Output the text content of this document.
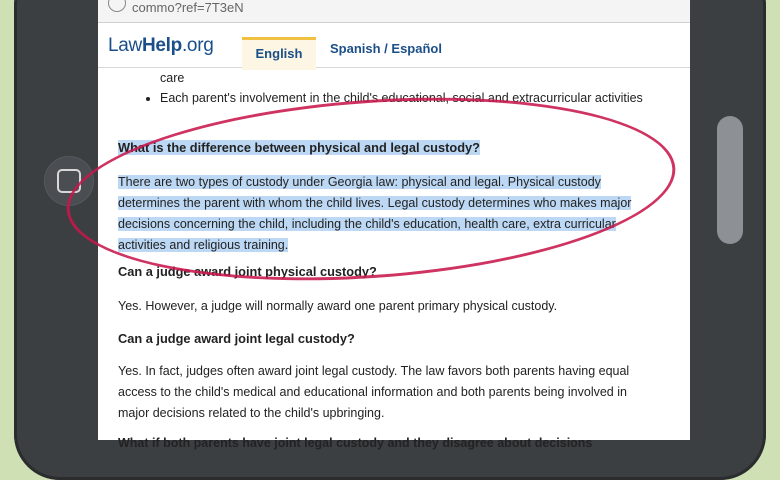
commo?ref=7T3eN
LawHelp.org	English	Spanish / Español
care
• Each parent's involvement in the child's educational, social and extracurricular activities
What is the difference between physical and legal custody?
There are two types of custody under Georgia law: physical and legal. Physical custody determines the parent with whom the child lives. Legal custody determines who makes major decisions concerning the child, including the child's education, health care, extra curricular activities and religious training.
Can a judge award joint physical custody?
Yes. However, a judge will normally award one parent primary physical custody.
Can a judge award joint legal custody?
Yes. In fact, judges often award joint legal custody. The law favors both parents having equal access to the child's medical and educational information and both parents being involved in major decisions related to the child's upbringing.
